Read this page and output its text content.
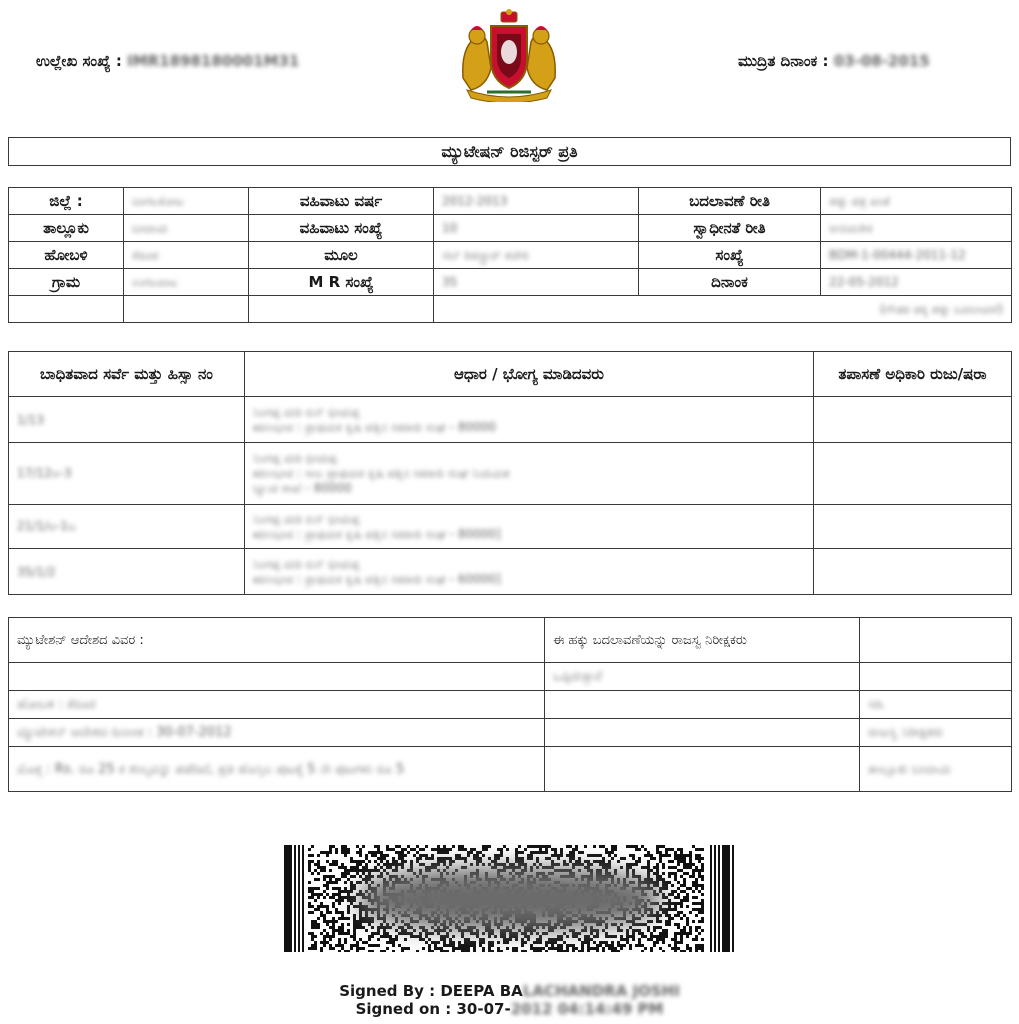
ಉಲ್ಲೇಖ ಸಂಖ್ಯೆ : IMR1898180001M31	ಮುದ್ರಿತ ದಿನಾಂಕ : 03-08-2015
ಮ್ಯುಟೇಷನ್ ರಿಜಿಸ್ಟರ್ ಪ್ರತಿ
ಜಿಲ್ಲೆ :	ಬಾಗಲಕೋಟ	ವಹಿವಾಟು ವರ್ಷ	2012-2013	ಬದಲಾವಣೆ ರೀತಿ	ಹಕ್ಕು ಪತ್ರ ಖಾತೆ
ತಾಲ್ಲೂಕು	ಬಾದಾಮಿ	ವಹಿವಾಟು ಸಂಖ್ಯೆ	10	ಸ್ವಾಧೀನತೆ ರೀತಿ	ಆನುವಂಶಿಕ
ಹೋಬಳಿ	ಕೆರೂರ	ಮೂಲ	ಸಬ್ ರಿಜಿಸ್ಟ್ರಾರ್ ಕಚೇರಿ	ಸಂಖ್ಯೆ	BDM-1-00444-2011-12
ಗ್ರಾಮ	ಉಗಲವಾಟ	M R ಸಂಖ್ಯೆ	35	ದಿನಾಂಕ	22-05-2012
			(ಗೌಡರ ಪಕ್ಕ ಹಕ್ಕು ಬದಲಾವಣೆ)		
ಬಾಧಿತವಾದ ಸರ್ವೆ ಮತ್ತು ಹಿಸ್ಸಾ ನಂ	ಆಧಾರ / ಭೋಗ್ಯ ಮಾಡಿದವರು	ತಪಾಸಣೆ ಅಧಿಕಾರಿ ರುಜು/ಷರಾ
1/13	ನಿಂಗಪ್ಪ ಮರಿ ಬಿನ್ ಭೀಮಪ್ಪ
ಋಣಭಾರ : ಪ್ರಾಥಮಿಕ ಕೃಷಿ ಪತ್ತಿನ ಸಹಕಾರಿ ಸಂಘ - 80000	

17/12ಅ-3	ನಿಂಗಪ್ಪ ಮರಿ ಭೀಮಪ್ಪ
ಋಣಭಾರ : ಸಾಲ ಪ್ರಾಥಮಿಕ ಕೃಷಿ ಪತ್ತಿನ ಸಹಕಾರಿ ಸಂಘ ನಿಯಮಿತ
ಬ್ಯಾಂಕ ಶಾಖೆ - 80000	

21/1/ಅ-1ಬ	ನಿಂಗಪ್ಪ ಮರಿ ಬಿನ್ ಭೀಮಪ್ಪ
ಋಣಭಾರ : ಪ್ರಾಥಮಿಕ ಕೃಷಿ ಪತ್ತಿನ ಸಹಕಾರಿ ಸಂಘ - 80000]	

35/1/2	ನಿಂಗಪ್ಪ ಮರಿ ಬಿನ್ ಭೀಮಪ್ಪ
ಋಣಭಾರ : ಪ್ರಾಥಮಿಕ ಕೃಷಿ ಪತ್ತಿನ ಸಹಕಾರಿ ಸಂಘ - 60000]	

ಮ್ಯುಟೇಶನ್ ಆದೇಶದ ವಿವರ :	ಈ ಹಕ್ಕು ಬದಲಾವಣೆಯನ್ನು ರಾಜಸ್ವ ನಿರೀಕ್ಷಕರು	
	ಒಪ್ಪಿರುತ್ತಾರೆ	
ಹೋಬಳಿ : ಕೆರೂರ		ಸಹಿ
ಮ್ಯುಟೇಶನ್ ಆದೇಶದ ದಿನಾಂಕ : 30-07-2012		ರಾಜಸ್ವ ನಿರೀಕ್ಷಕರು
ಮೊತ್ತ : Rs. ರೂ 25 ಕ ಶುಲ್ಕವನ್ನು ಪಡೆದಿದೆ, ಪ್ರತಿ ಹೊಸ್ತಿಲ ಪುಟಕ್ಕೆ 5 ನೇ ಪುಟಗಳು ರೂ 5		ತಾಲ್ಲೂಕು ಬಾದಾಮಿ
Signed By : DEEPA BALACHANDRA JOSHI
Signed on : 30-07-2012 04:14:49 PM
